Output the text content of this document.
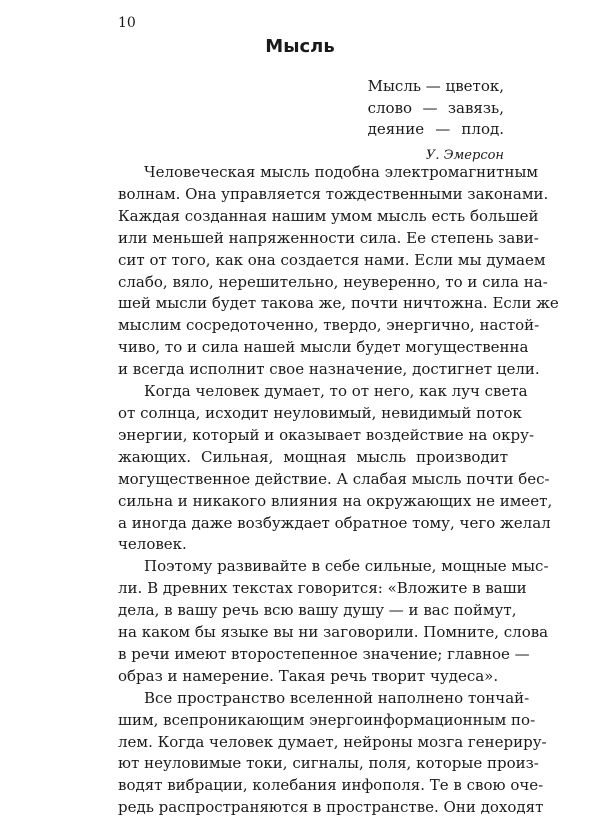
10
Мысль
Мысль — цветок,
слово — завязь,
деяние — плод.
У. Эмерсон
Человеческая мысль подобна электромагнитным
волнам. Она управляется тождественными законами.
Каждая созданная нашим умом мысль есть большей
или меньшей напряженности сила. Ее степень зави-
сит от того, как она создается нами. Если мы думаем
слабо, вяло, нерешительно, неуверенно, то и сила на-
шей мысли будет такова же, почти ничтожна. Если же
мыслим сосредоточенно, твердо, энергично, настой-
чиво, то и сила нашей мысли будет могущественна
и всегда исполнит свое назначение, достигнет цели.
Когда человек думает, то от него, как луч света
от солнца, исходит неуловимый, невидимый поток
энергии, который и оказывает воздействие на окру-
жающих. Сильная, мощная мысль производит
могущественное действие. А слабая мысль почти бес-
сильна и никакого влияния на окружающих не имеет,
а иногда даже возбуждает обратное тому, чего желал
человек.
Поэтому развивайте в себе сильные, мощные мыс-
ли. В древних текстах говорится: «Вложите в ваши
дела, в вашу речь всю вашу душу — и вас поймут,
на каком бы языке вы ни заговорили. Помните, слова
в речи имеют второстепенное значение; главное —
образ и намерение. Такая речь творит чудеса».
Все пространство вселенной наполнено тончай-
шим, всепроникающим энергоинформационным по-
лем. Когда человек думает, нейроны мозга генериру-
ют неуловимые токи, сигналы, поля, которые произ-
водят вибрации, колебания инфополя. Те в свою оче-
редь распространяются в пространстве. Они доходят
